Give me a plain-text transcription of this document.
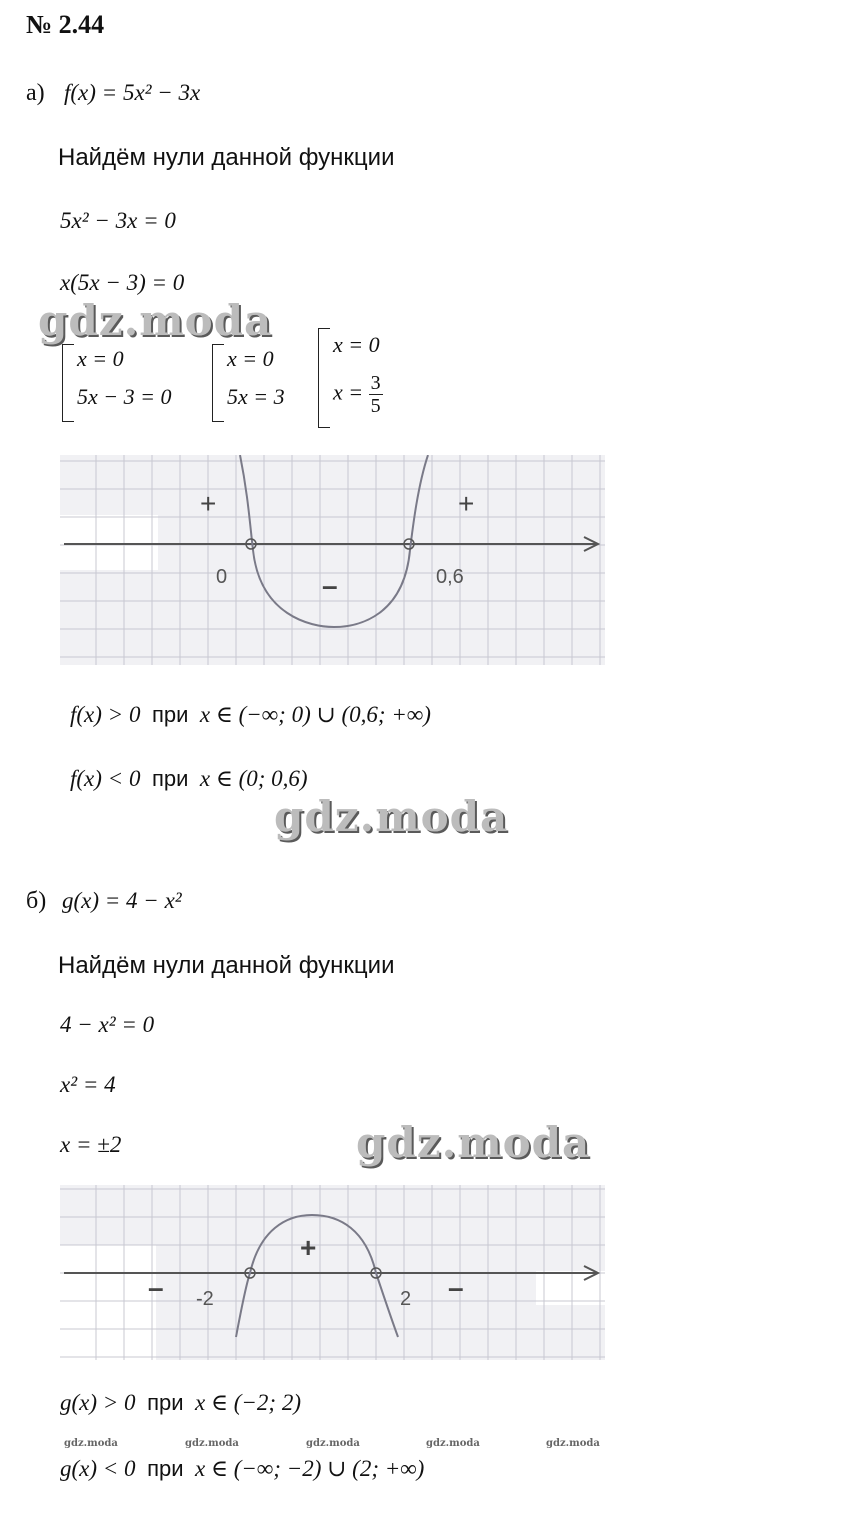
№ 2.44
а) f(x) = 5x² − 3x
Найдём нули данной функции
5x² − 3x = 0
x(5x − 3) = 0
gdz.moda
x = 0
5x − 3 = 0
x = 0
5x = 3
x = 0
$x = \frac{3}{5}$
+
–
+
0	0,6
f(x) > 0 при x ∈ (−∞; 0) ∪ (0,6; +∞)
f(x) < 0 при x ∈ (0; 0,6)
gdz.moda
б) g(x) = 4 − x²
Найдём нули данной функции
4 − x² = 0
x² = 4
x = ±2	gdz.moda
–
+
–
-2	2
g(x) > 0 при x ∈ (−2; 2)
gdz.moda	gdz.moda	gdz.moda	gdz.moda	gdz.moda
g(x) < 0 при x ∈ (−∞; −2) ∪ (2; +∞)
